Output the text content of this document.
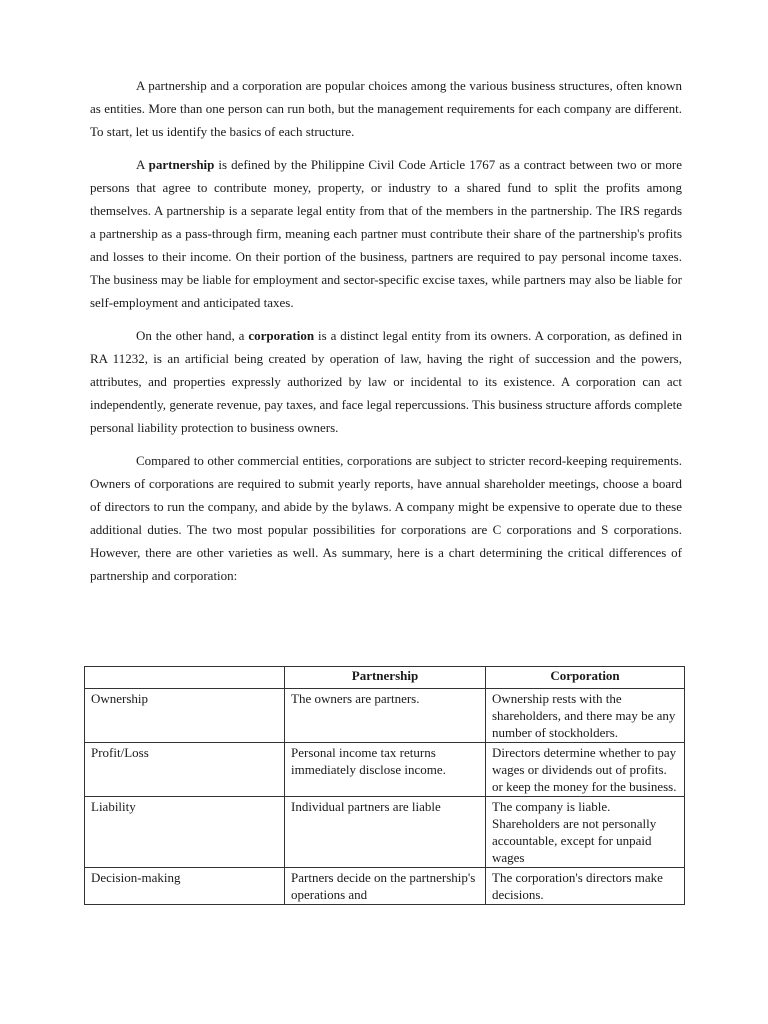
A partnership and a corporation are popular choices among the various business structures, often known as entities. More than one person can run both, but the management requirements for each company are different. To start, let us identify the basics of each structure.

A partnership is defined by the Philippine Civil Code Article 1767 as a contract between two or more persons that agree to contribute money, property, or industry to a shared fund to split the profits among themselves. A partnership is a separate legal entity from that of the members in the partnership. The IRS regards a partnership as a pass-through firm, meaning each partner must contribute their share of the partnership's profits and losses to their income. On their portion of the business, partners are required to pay personal income taxes. The business may be liable for employment and sector-specific excise taxes, while partners may also be liable for self-employment and anticipated taxes.

On the other hand, a corporation is a distinct legal entity from its owners. A corporation, as defined in RA 11232, is an artificial being created by operation of law, having the right of succession and the powers, attributes, and properties expressly authorized by law or incidental to its existence. A corporation can act independently, generate revenue, pay taxes, and face legal repercussions. This business structure affords complete personal liability protection to business owners.

Compared to other commercial entities, corporations are subject to stricter record-keeping requirements. Owners of corporations are required to submit yearly reports, have annual shareholder meetings, choose a board of directors to run the company, and abide by the bylaws. A company might be expensive to operate due to these additional duties. The two most popular possibilities for corporations are C corporations and S corporations. However, there are other varieties as well. As summary, here is a chart determining the critical differences of partnership and corporation:

	Partnership	Corporation
Ownership	The owners are partners.	Ownership rests with the shareholders, and there may be any number of stockholders.
Profit/Loss	Personal income tax returns immediately disclose income.	Directors determine whether to pay wages or dividends out of profits. or keep the money for the business.
Liability	Individual partners are liable	The company is liable. Shareholders are not personally accountable, except for unpaid wages
Decision-making	Partners decide on the partnership's operations and	The corporation's directors make decisions.
